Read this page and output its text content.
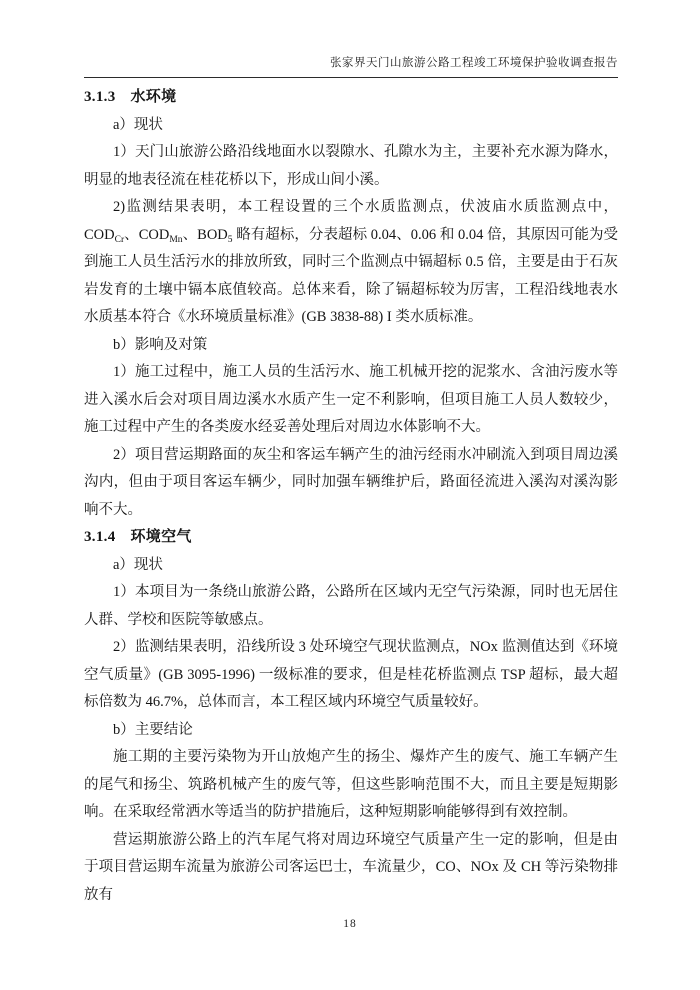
张家界天门山旅游公路工程竣工环境保护验收调查报告
3.1.3 水环境
a）现状

1）天门山旅游公路沿线地面水以裂隙水、孔隙水为主，主要补充水源为降水，明显的地表径流在桂花桥以下，形成山间小溪。

2)监测结果表明，本工程设置的三个水质监测点，伏波庙水质监测点中，$COD_{Cr}$、$COD_{Mn}$、$BOD_5$ 略有超标，分表超标 0.04、0.06 和 0.04 倍，其原因可能为受到施工人员生活污水的排放所致，同时三个监测点中镉超标 0.5 倍，主要是由于石灰岩发育的土壤中镉本底值较高。总体来看，除了镉超标较为厉害，工程沿线地表水水质基本符合《水环境质量标准》(GB 3838-88) I 类水质标准。

b）影响及对策

1）施工过程中，施工人员的生活污水、施工机械开挖的泥浆水、含油污废水等进入溪水后会对项目周边溪水水质产生一定不利影响，但项目施工人员人数较少，施工过程中产生的各类废水经妥善处理后对周边水体影响不大。

2）项目营运期路面的灰尘和客运车辆产生的油污经雨水冲刷流入到项目周边溪沟内，但由于项目客运车辆少，同时加强车辆维护后，路面径流进入溪沟对溪沟影响不大。

3.1.4 环境空气
a）现状

1）本项目为一条绕山旅游公路，公路所在区域内无空气污染源，同时也无居住人群、学校和医院等敏感点。

2）监测结果表明，沿线所设 3 处环境空气现状监测点，NOx 监测值达到《环境空气质量》(GB 3095-1996) 一级标准的要求，但是桂花桥监测点 TSP 超标，最大超标倍数为 46.7%，总体而言，本工程区域内环境空气质量较好。

b）主要结论

施工期的主要污染物为开山放炮产生的扬尘、爆炸产生的废气、施工车辆产生的尾气和扬尘、筑路机械产生的废气等，但这些影响范围不大，而且主要是短期影响。在采取经常洒水等适当的防护措施后，这种短期影响能够得到有效控制。

营运期旅游公路上的汽车尾气将对周边环境空气质量产生一定的影响，但是由于项目营运期车流量为旅游公司客运巴士，车流量少，CO、NOx 及 CH 等污染物排放有

18
